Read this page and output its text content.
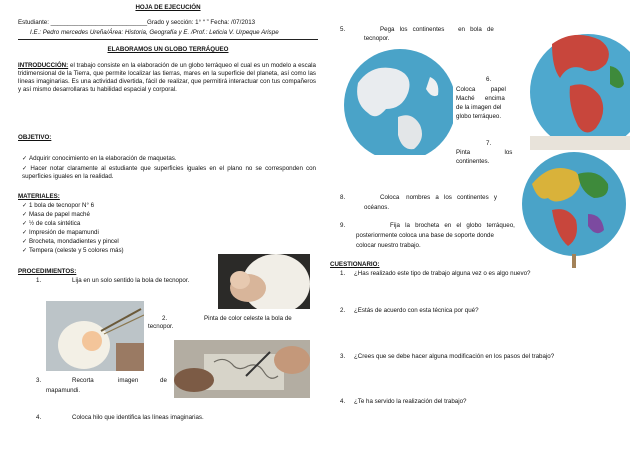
HOJA DE EJECUCIÓN
Estudiante: ____________________________Grado y sección: 1° “ ” Fecha: /07/2013
I.E.: Pedro mercedes Ureña/Área: Historia, Geografía y E. /Prof.: Leticia V. Urpeque Arispe
ELABORAMOS UN GLOBO TERRÁQUEO
INTRODUCCIÓN: el trabajo consiste en la elaboración de un globo terráqueo el cual es un modelo a escala tridimensional de la Tierra, que permite localizar las tierras, mares en la superficie del planeta, así como las líneas imaginarias. Es una actividad divertida, fácil de realizar, que permitirá interactuar con tus compañeros y así mismo desarrollaras tu habilidad espacial y corporal.
OBJETIVO:
✓ Adquirir conocimiento en la elaboración de maquetas.
✓ Hacer notar claramente al estudiante que superficies iguales en el plano no se corresponden con superficies iguales en la realidad.
MATERIALES:
✓ 1 bola de tecnopor N° 6
✓ Masa de papel maché
✓ ½ de cola sintética
✓ Impresión de mapamundi
✓ Brocheta, mondadientes y pincel
✓ Tempera (celeste y 5 colores más)
PROCEDIMIENTOS:
1.	Lija en un solo sentido la bola de tecnopor.
2.	Pinta de color celeste la bola de tecnopor.
3.	Recorta	imagen	de
mapamundi.
4.	Coloca hilo que identifica las líneas imaginarias.
5.	Pega   los   continentes        en   bola   de
tecnopor.
6.
Coloca         papel
Maché      encima
de la imagen del
globo terráqueo.
7.
Pinta                    los
continentes.
8.	Coloca    nombres   a   los   continentes   y
océanos.
9.	Fija   la   brocheta   en   el   globo   terráqueo,
posteriormente coloca una base de soporte donde
colocar nuestro trabajo.
CUESTIONARIO:
1. ¿Has realizado este tipo de trabajo alguna vez o es algo nuevo?
2. ¿Estás de acuerdo con esta técnica por qué?
3. ¿Crees que se debe hacer alguna modificación en los pasos del trabajo?
4. ¿Te ha servido la realización del trabajo?
